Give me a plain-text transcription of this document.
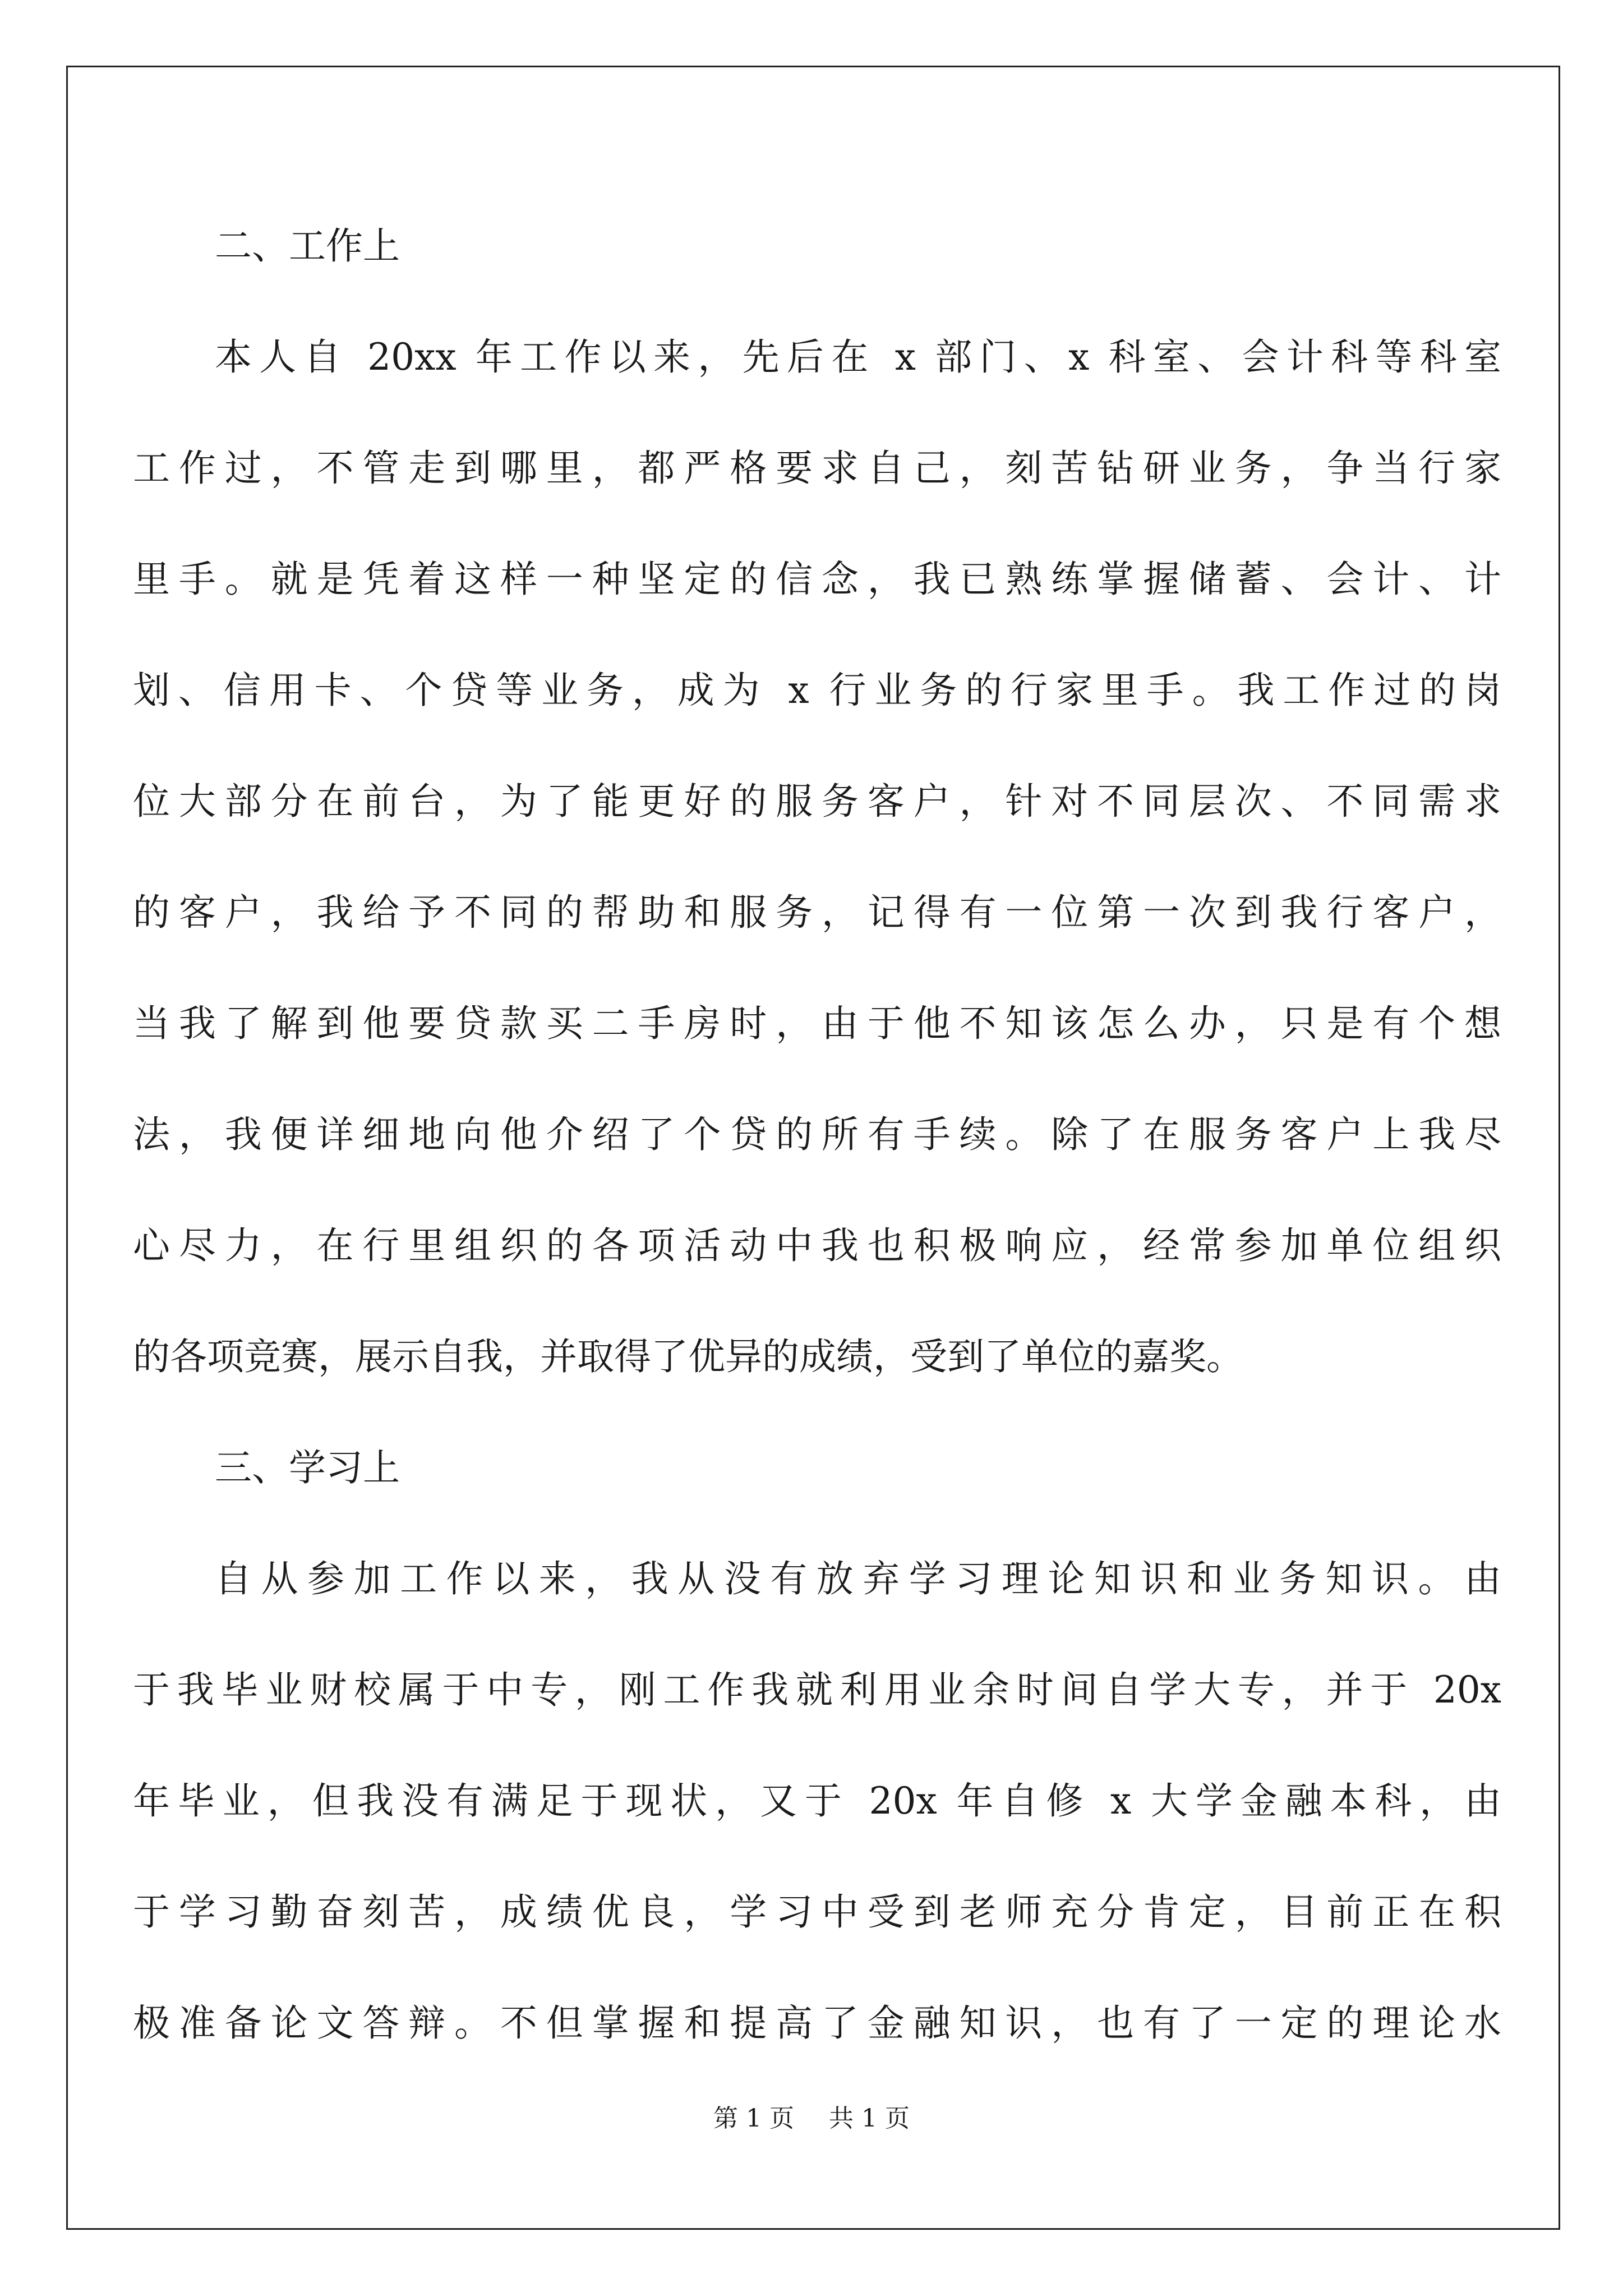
二、工作上

本人自 20xx 年工作以来，先后在 x 部门、x 科室、会计科等科室

工作过，不管走到哪里，都严格要求自己，刻苦钻研业务，争当行家

里手。就是凭着这样一种坚定的信念，我已熟练掌握储蓄、会计、计

划、信用卡、个贷等业务，成为 x 行业务的行家里手。我工作过的岗

位大部分在前台，为了能更好的服务客户，针对不同层次、不同需求

的客户，我给予不同的帮助和服务，记得有一位第一次到我行客户，

当我了解到他要贷款买二手房时，由于他不知该怎么办，只是有个想

法，我便详细地向他介绍了个贷的所有手续。除了在服务客户上我尽

心尽力，在行里组织的各项活动中我也积极响应，经常参加单位组织

的各项竞赛，展示自我，并取得了优异的成绩，受到了单位的嘉奖。

三、学习上

自从参加工作以来，我从没有放弃学习理论知识和业务知识。由

于我毕业财校属于中专，刚工作我就利用业余时间自学大专，并于 20x

年毕业，但我没有满足于现状，又于 20x 年自修 x 大学金融本科，由

于学习勤奋刻苦，成绩优良，学习中受到老师充分肯定，目前正在积

极准备论文答辩。不但掌握和提高了金融知识，也有了一定的理论水

第 1 页 共 1 页
